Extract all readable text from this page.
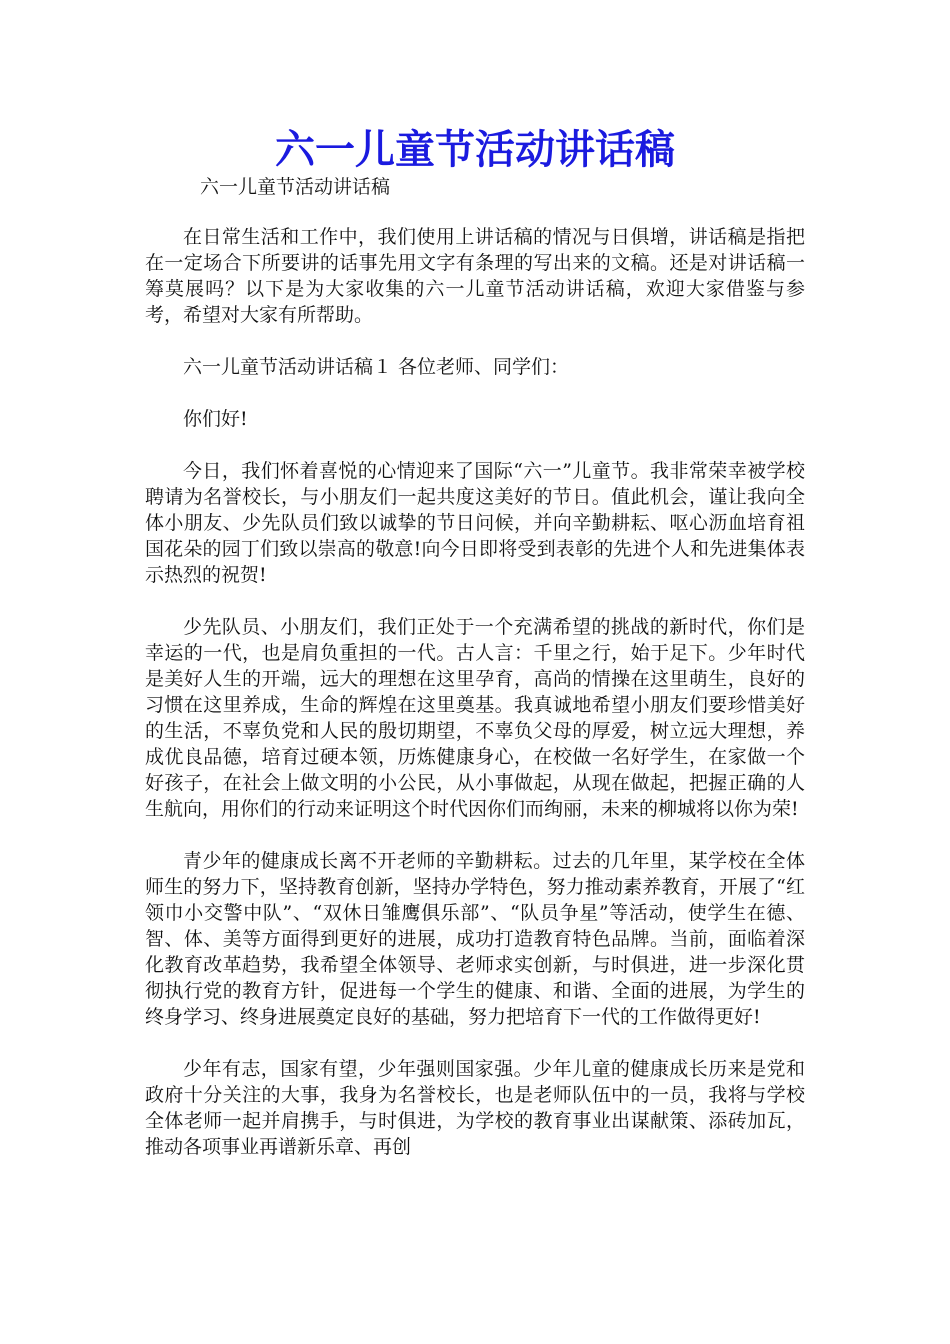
六一儿童节活动讲话稿

六一儿童节活动讲话稿

在日常生活和工作中，我们使用上讲话稿的情况与日俱增，讲话稿是指把在一定场合下所要讲的话事先用文字有条理的写出来的文稿。还是对讲话稿一筹莫展吗？以下是为大家收集的六一儿童节活动讲话稿，欢迎大家借鉴与参考，希望对大家有所帮助。

六一儿童节活动讲话稿１ 各位老师、同学们：

你们好!

今日，我们怀着喜悦的心情迎来了国际“六一”儿童节。我非常荣幸被学校聘请为名誉校长，与小朋友们一起共度这美好的节日。值此机会，谨让我向全体小朋友、少先队员们致以诚挚的节日问候，并向辛勤耕耘、呕心沥血培育祖国花朵的园丁们致以崇高的敬意!向今日即将受到表彰的先进个人和先进集体表示热烈的祝贺!

少先队员、小朋友们，我们正处于一个充满希望的挑战的新时代，你们是幸运的一代，也是肩负重担的一代。古人言：千里之行，始于足下。少年时代是美好人生的开端，远大的理想在这里孕育，高尚的情操在这里萌生，良好的习惯在这里养成，生命的辉煌在这里奠基。我真诚地希望小朋友们要珍惜美好的生活，不辜负党和人民的殷切期望，不辜负父母的厚爱，树立远大理想，养成优良品德，培育过硬本领，历炼健康身心，在校做一名好学生，在家做一个好孩子，在社会上做文明的小公民，从小事做起，从现在做起，把握正确的人生航向，用你们的行动来证明这个时代因你们而绚丽，未来的柳城将以你为荣!

青少年的健康成长离不开老师的辛勤耕耘。过去的几年里，某学校在全体师生的努力下，坚持教育创新，坚持办学特色，努力推动素养教育，开展了“红领巾小交警中队”、“双休日雏鹰俱乐部”、“队员争星”等活动，使学生在德、智、体、美等方面得到更好的进展，成功打造教育特色品牌。当前，面临着深化教育改革趋势，我希望全体领导、老师求实创新，与时俱进，进一步深化贯彻执行党的教育方针，促进每一个学生的健康、和谐、全面的进展，为学生的终身学习、终身进展奠定良好的基础，努力把培育下一代的工作做得更好!

少年有志，国家有望，少年强则国家强。少年儿童的健康成长历来是党和政府十分关注的大事，我身为名誉校长，也是老师队伍中的一员，我将与学校全体老师一起并肩携手，与时俱进，为学校的教育事业出谋献策、添砖加瓦，推动各项事业再谱新乐章、再创
